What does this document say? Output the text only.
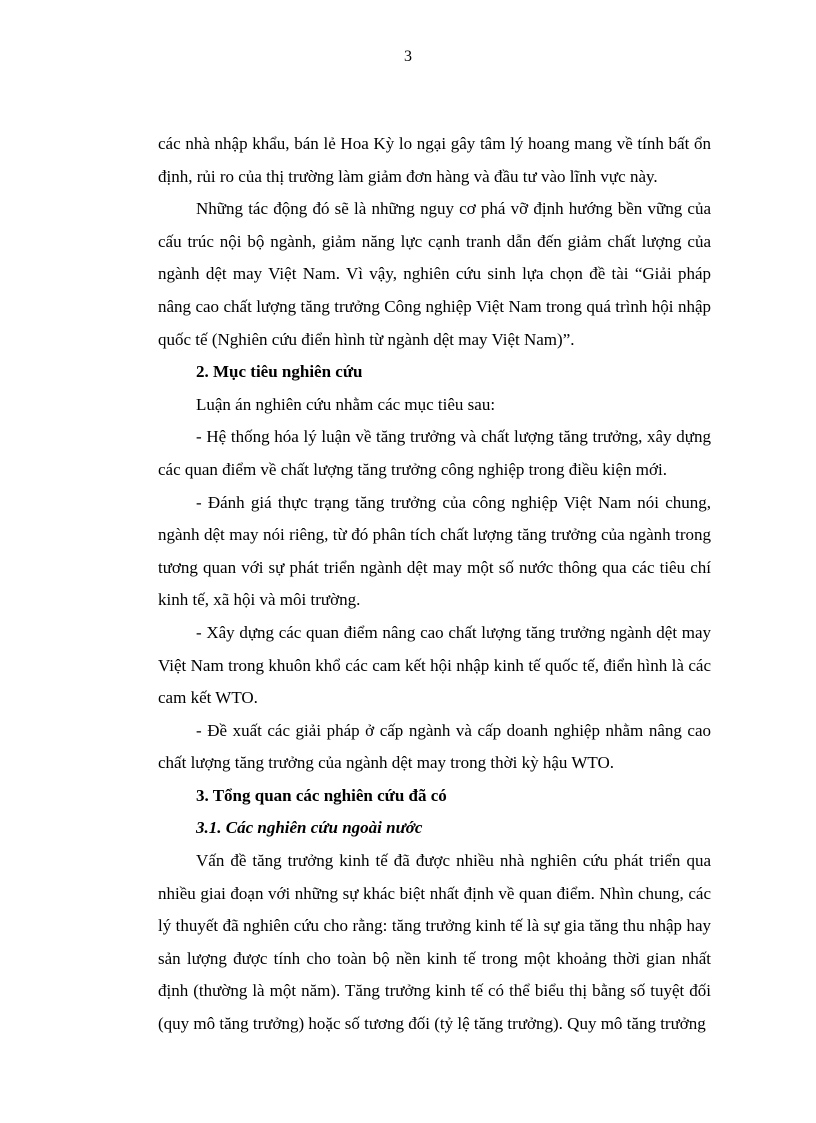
3

các nhà nhập khẩu, bán lẻ Hoa Kỳ lo ngại gây tâm lý hoang mang về tính bất ổn định, rủi ro của thị trường làm giảm đơn hàng và đầu tư vào lĩnh vực này.

Những tác động đó sẽ là những nguy cơ phá vỡ định hướng bền vững của cấu trúc nội bộ ngành, giảm năng lực cạnh tranh dẫn đến giảm chất lượng của ngành dệt may Việt Nam. Vì vậy, nghiên cứu sinh lựa chọn đề tài “Giải pháp nâng cao chất lượng tăng trưởng Công nghiệp Việt Nam trong quá trình hội nhập quốc tế (Nghiên cứu điển hình từ ngành dệt may Việt Nam)”.

2. Mục tiêu nghiên cứu

Luận án nghiên cứu nhằm các mục tiêu sau:

- Hệ thống hóa lý luận về tăng trưởng và chất lượng tăng trưởng, xây dựng các quan điểm về chất lượng tăng trưởng công nghiệp trong điều kiện mới.

- Đánh giá thực trạng tăng trưởng của công nghiệp Việt Nam nói chung, ngành dệt may nói riêng, từ đó phân tích chất lượng tăng trưởng của ngành trong tương quan với sự phát triển ngành dệt may một số nước thông qua các tiêu chí kinh tế, xã hội và môi trường.

- Xây dựng các quan điểm nâng cao chất lượng tăng trưởng ngành dệt may Việt Nam trong khuôn khổ các cam kết hội nhập kinh tế quốc tế, điển hình là các cam kết WTO.

- Đề xuất các giải pháp ở cấp ngành và cấp doanh nghiệp nhằm nâng cao chất lượng tăng trưởng của ngành dệt may trong thời kỳ hậu WTO.

3. Tổng quan các nghiên cứu đã có

3.1. Các nghiên cứu ngoài nước

Vấn đề tăng trưởng kinh tế đã được nhiều nhà nghiên cứu phát triển qua nhiều giai đoạn với những sự khác biệt nhất định về quan điểm. Nhìn chung, các lý thuyết đã nghiên cứu cho rằng: tăng trưởng kinh tế là sự gia tăng thu nhập hay sản lượng được tính cho toàn bộ nền kinh tế trong một khoảng thời gian nhất định (thường là một năm). Tăng trưởng kinh tế có thể biểu thị bằng số tuyệt đối (quy mô tăng trưởng) hoặc số tương đối (tỷ lệ tăng trưởng). Quy mô tăng trưởng
